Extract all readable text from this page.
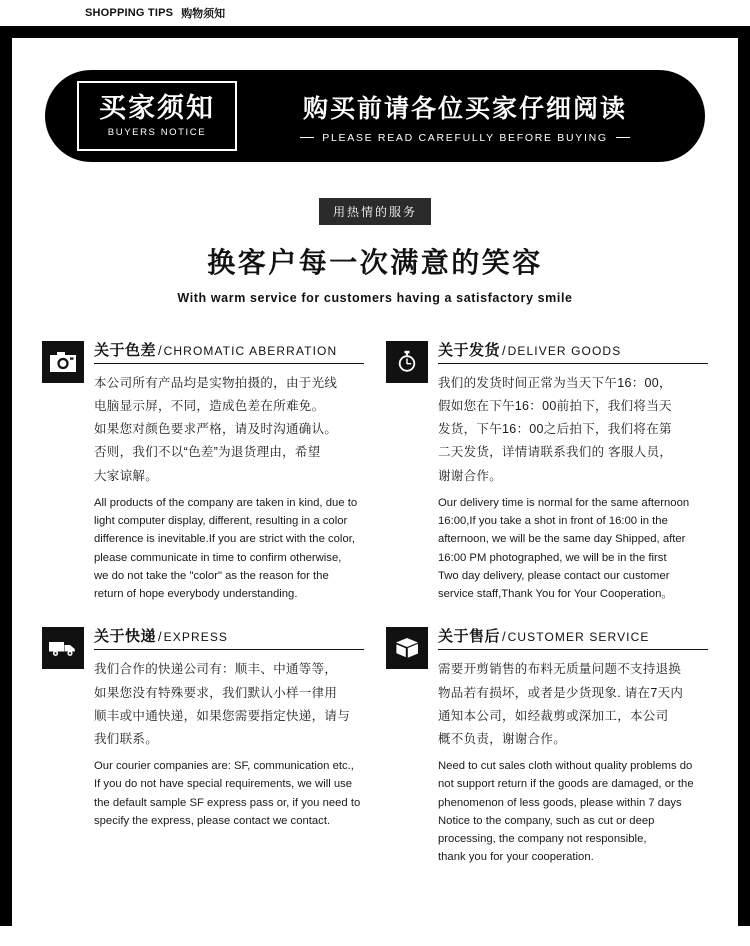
SHOPPING TIPS 购物须知
买家须知
BUYERS NOTICE
购买前请各位买家仔细阅读
PLEASE READ CAREFULLY BEFORE BUYING
用热情的服务
换客户每一次满意的笑容
With warm service for customers having a satisfactory smile
关于色差 / CHROMATIC ABERRATION
本公司所有产品均是实物拍摄的，由于光线
电脑显示屏，不同，造成色差在所难免。
如果您对颜色要求严格，请及时沟通确认。
否则，我们不以“色差”为退货理由，希望
大家谅解。
All products of the company are taken in kind, due to
light computer display, different, resulting in a color
difference is inevitable.If you are strict with the color,
please communicate in time to confirm otherwise,
we do not take the "color" as the reason for the
return of hope everybody understanding.
关于发货 / DELIVER GOODS
我们的发货时间正常为当天下午16：00，
假如您在下午16：00前拍下，我们将当天
发货，下午16：00之后拍下，我们将在第
二天发货，详情请联系我们的 客服人员，
谢谢合作。
Our delivery time is normal for the same afternoon
16:00,If you take a shot in front of 16:00 in the
afternoon, we will be the same day Shipped, after
16:00 PM photographed, we will be in the first
Two day delivery, please contact our customer
service staff,Thank You for Your Cooperation。
关于快递 / EXPRESS
我们合作的快递公司有：顺丰、中通等等，
如果您没有特殊要求，我们默认小样一律用
顺丰或中通快递，如果您需要指定快递，请与
我们联系。
Our courier companies are: SF, communication etc.,
If you do not have special requirements, we will use
the default sample SF express pass or, if you need to
specify the express, please contact we contact.
关于售后 / CUSTOMER SERVICE
需要开剪销售的布料无质量问题不支持退换
物品若有损坏，或者是少货现象. 请在7天内
通知本公司，如经裁剪或深加工，本公司
概不负责，谢谢合作。
Need to cut sales cloth without quality problems do
not support return if the goods are damaged, or the
phenomenon of less goods, please within 7 days
Notice to the company, such as cut or deep
processing, the company not responsible,
thank you for your cooperation.
